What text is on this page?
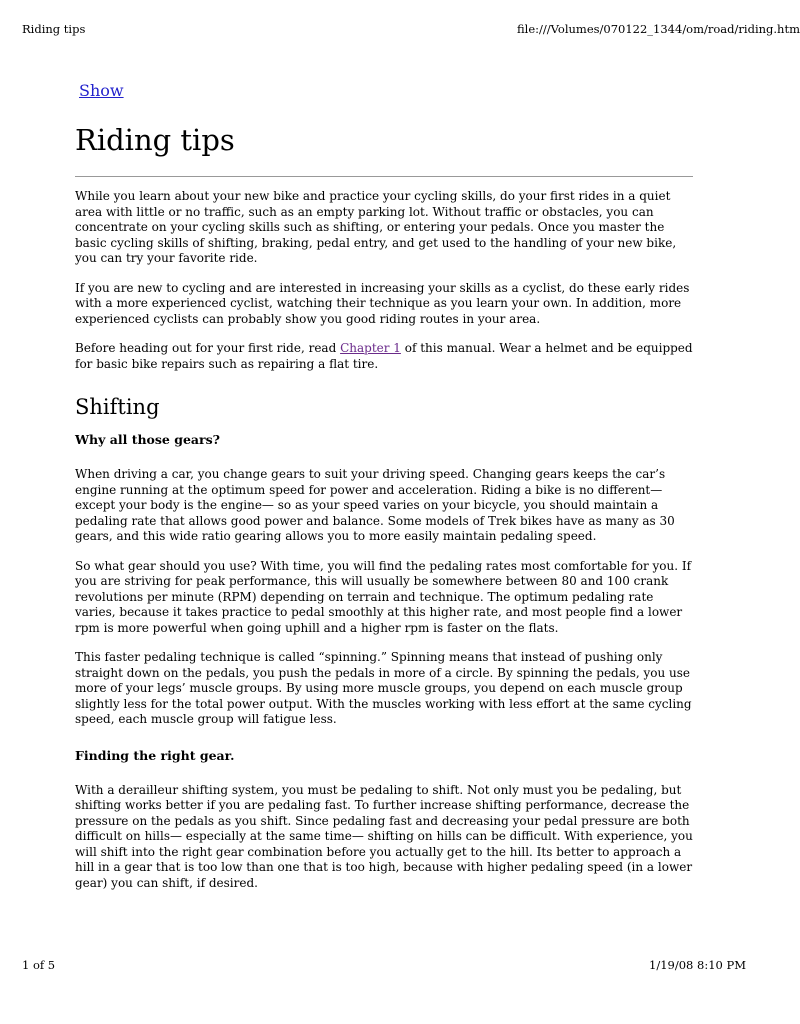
Riding tips	file:///Volumes/070122_1344/om/road/riding.htm
Show
Riding tips

While you learn about your new bike and practice your cycling skills, do your first rides in a quiet area with little or no traffic, such as an empty parking lot. Without traffic or obstacles, you can concentrate on your cycling skills such as shifting, or entering your pedals. Once you master the basic cycling skills of shifting, braking, pedal entry, and get used to the handling of your new bike, you can try your favorite ride.

If you are new to cycling and are interested in increasing your skills as a cyclist, do these early rides with a more experienced cyclist, watching their technique as you learn your own. In addition, more experienced cyclists can probably show you good riding routes in your area.

Before heading out for your first ride, read Chapter 1 of this manual. Wear a helmet and be equipped for basic bike repairs such as repairing a flat tire.

Shifting
Why all those gears?

When driving a car, you change gears to suit your driving speed. Changing gears keeps the car’s engine running at the optimum speed for power and acceleration. Riding a bike is no different— except your body is the engine— so as your speed varies on your bicycle, you should maintain a pedaling rate that allows good power and balance. Some models of Trek bikes have as many as 30 gears, and this wide ratio gearing allows you to more easily maintain pedaling speed.

So what gear should you use? With time, you will find the pedaling rates most comfortable for you. If you are striving for peak performance, this will usually be somewhere between 80 and 100 crank revolutions per minute (RPM) depending on terrain and technique. The optimum pedaling rate varies, because it takes practice to pedal smoothly at this higher rate, and most people find a lower rpm is more powerful when going uphill and a higher rpm is faster on the flats.

This faster pedaling technique is called “spinning.” Spinning means that instead of pushing only straight down on the pedals, you push the pedals in more of a circle. By spinning the pedals, you use more of your legs’ muscle groups. By using more muscle groups, you depend on each muscle group slightly less for the total power output. With the muscles working with less effort at the same cycling speed, each muscle group will fatigue less.

Finding the right gear.

With a derailleur shifting system, you must be pedaling to shift. Not only must you be pedaling, but shifting works better if you are pedaling fast. To further increase shifting performance, decrease the pressure on the pedals as you shift. Since pedaling fast and decreasing your pedal pressure are both difficult on hills— especially at the same time— shifting on hills can be difficult. With experience, you will shift into the right gear combination before you actually get to the hill. Its better to approach a hill in a gear that is too low than one that is too high, because with higher pedaling speed (in a lower gear) you can shift, if desired.

1 of 5	1/19/08 8:10 PM
